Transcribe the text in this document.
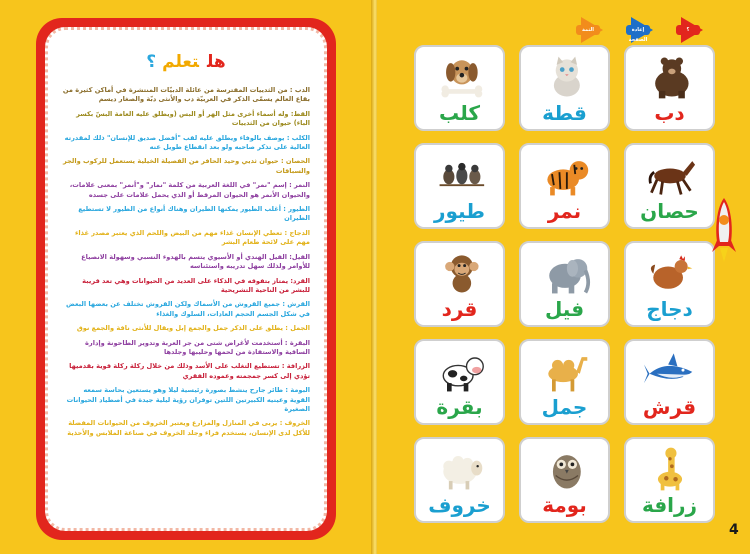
هلتعلم؟
الدب : من الثدييات المفترسة من عائلة الدبيّات المنتشرة في أماكن كثيرة من بقاع العالم يسمّى الذكر في العربيّة دب والأنثى دبّة والصغار ديسم
القط: وله أسماء أخرى مثل الهر أو البس (ويطلق عليه العامة البسّ بكسر الباء) حيوان من الثدييات
الكلب : يوصف بالوفاء ويطلق عليه لقب "أفضل صديق للإنسان" ذلك لمقدرته العالية على تذكر صاحبه ولو بعد انقطاع طويل عنه
الحصان : حيوان ثديي وحيد الحافر من الفصيلة الخيلية يستعمل للركوب والجر والسباقات
النمر : إسم "نمر" في اللغة العربية من كلمة "نمار" و"أنمر" بمعنى علامات، والحيوان الأنمر هو الحيوان المرقط أو الذي يحمل علامات على جسده
الطيور : أغلب الطيور يمكنها الطيران وهناك أنواع من الطيور لا تستطيع الطيران
الدجاج : تعطي الإنسان غذاء مهم من البيض واللحم الذي يعتبر مصدر غذاء مهم على لائحة طعام البشر
الفيل: الفيل الهندي أو الأسيوي يتسم بالهدوء النسبي وسهولة الانصياع للأوامر ولذلك سهل تدريبه واستئناسه
القرد: يمتاز بتفوقه في الذكاء على العديد من الحيوانات وهي تعد قريبة للبشر من الناحية التشريحية
القرش : جميع القروش من الأسماك ولكن القروش تختلف عن بعضها البعض في شكل الجسم الحجم العادات، السلوك والغذاء
الجمل : يطلق على الذكر جمل والجمع إبل ويقال للأنثى ناقة والجمع نوق
البقرة : أستخدمت لأغراض شتى من جر العربة وتدوير الطاحونة وإدارة الساقية والاستفادة من لحمها وحليبها وجلدها
الزرافة : تستطيع التغلب على الأسد وذلك من خلال ركلة ركلة قوية بقدميها تؤدي إلى كسر جمجمته وعموده الفقري
البومة : طائر جارح ينشط بصورة رئيسية ليلا وهو يستعين بحاسة سمعه القوية وعينيه الكبيرتين اللتين توفران رؤية ليلية جيدة في أصطياد الحيوانات الصغيرة
الخروف : يربى في المنازل والمزارع ويعتبر الخروف من الحيوانات المفضلة للأكل لدى الإنسان، يستخدم فراء وجلد الخروف في صناعة الملابس والأحذية
التمة	إعادة الصفحة
؟
دب
قطة
كلب
حصان
نمر
طيور
دجاج
فيل
قرد
قرش
جمل
بقرة
زرافة
بومة
خروف
4
